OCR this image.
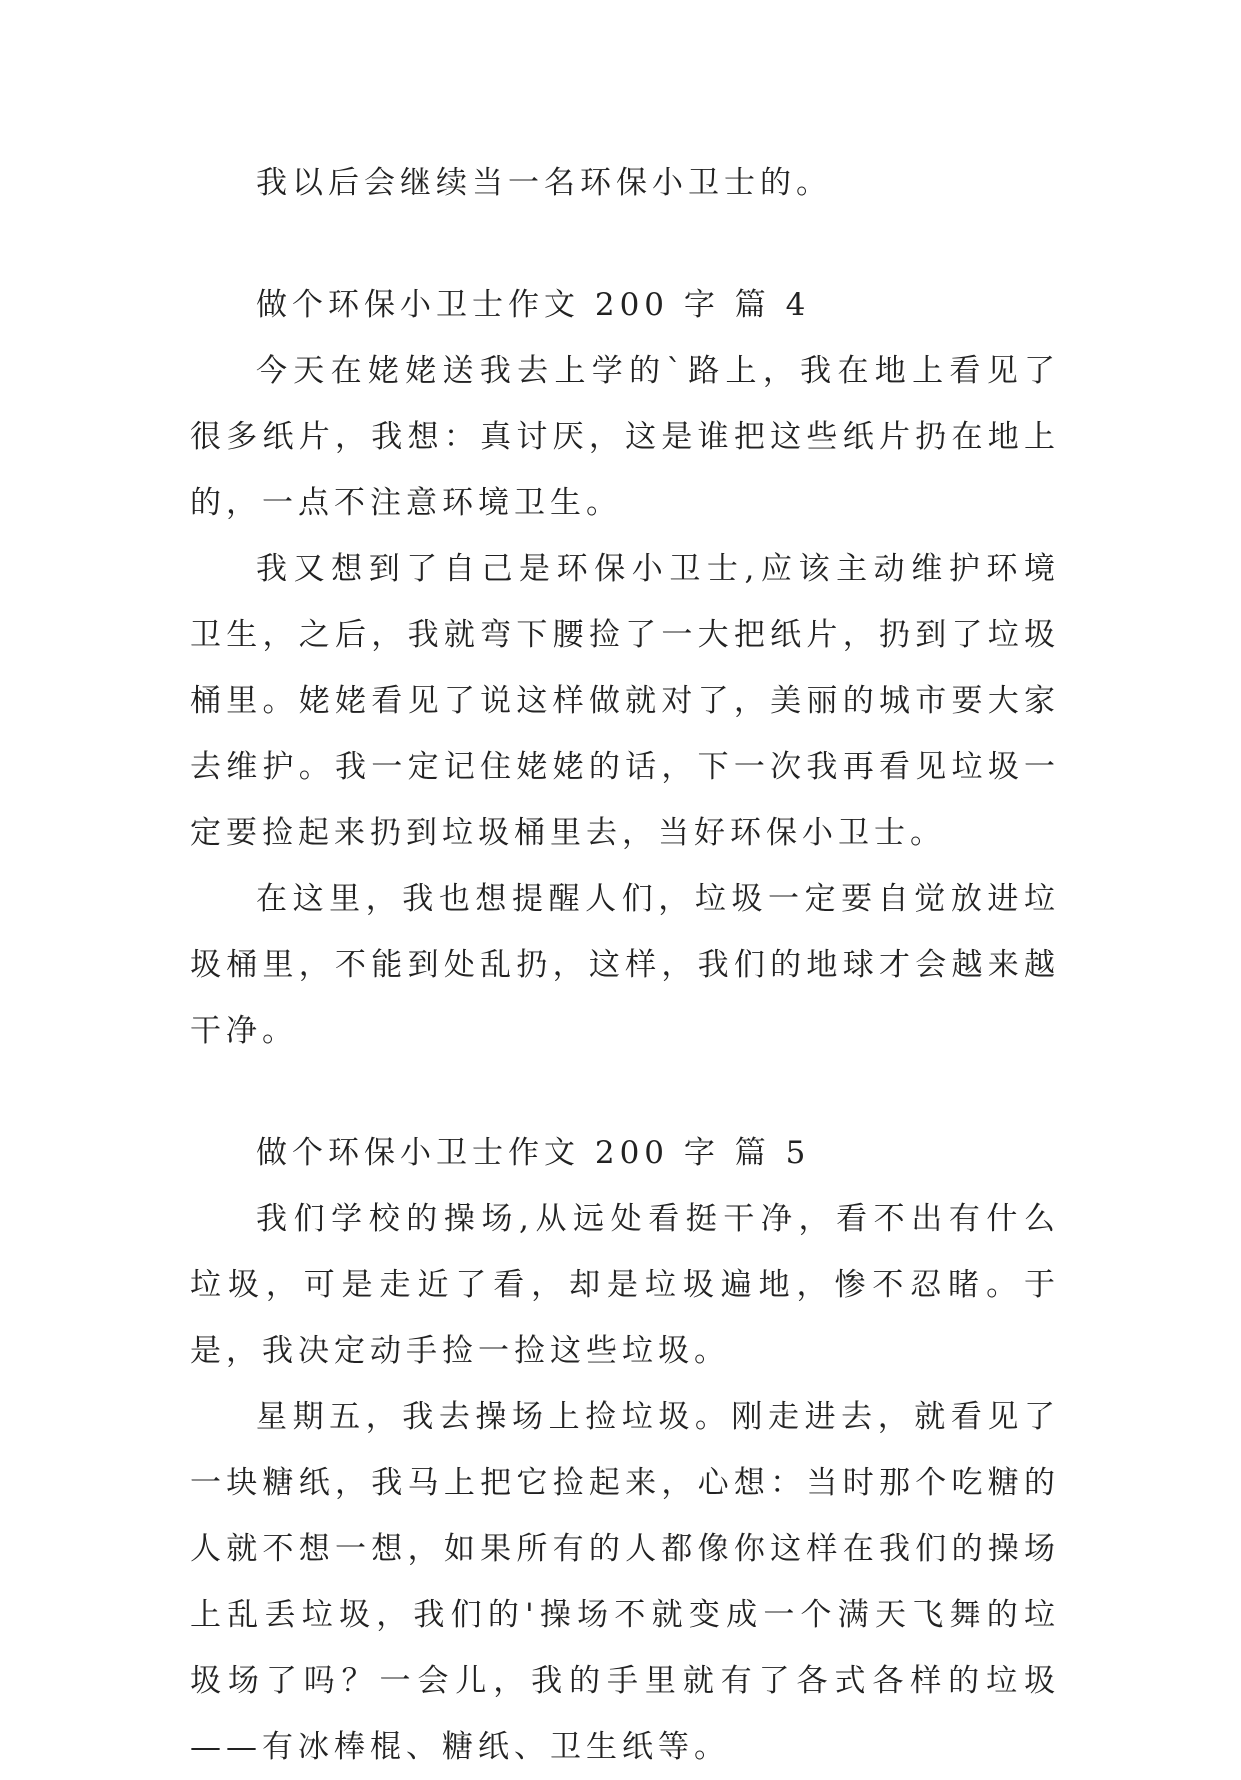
我以后会继续当一名环保小卫士的。

做个环保小卫士作文 200 字 篇 4

今天在姥姥送我去上学的`路上，我在地上看见了很多纸片，我想：真讨厌，这是谁把这些纸片扔在地上的，一点不注意环境卫生。

我又想到了自己是环保小卫士,应该主动维护环境卫生，之后，我就弯下腰捡了一大把纸片，扔到了垃圾桶里。姥姥看见了说这样做就对了，美丽的城市要大家去维护。我一定记住姥姥的话，下一次我再看见垃圾一定要捡起来扔到垃圾桶里去，当好环保小卫士。

在这里，我也想提醒人们，垃圾一定要自觉放进垃圾桶里，不能到处乱扔，这样，我们的地球才会越来越干净。

做个环保小卫士作文 200 字 篇 5

我们学校的操场,从远处看挺干净，看不出有什么垃圾，可是走近了看，却是垃圾遍地，惨不忍睹。于是，我决定动手捡一捡这些垃圾。

星期五，我去操场上捡垃圾。刚走进去，就看见了一块糖纸，我马上把它捡起来，心想：当时那个吃糖的人就不想一想，如果所有的人都像你这样在我们的操场上乱丢垃圾，我们的'操场不就变成一个满天飞舞的垃圾场了吗？一会儿，我的手里就有了各式各样的垃圾——有冰棒棍、糖纸、卫生纸等。
